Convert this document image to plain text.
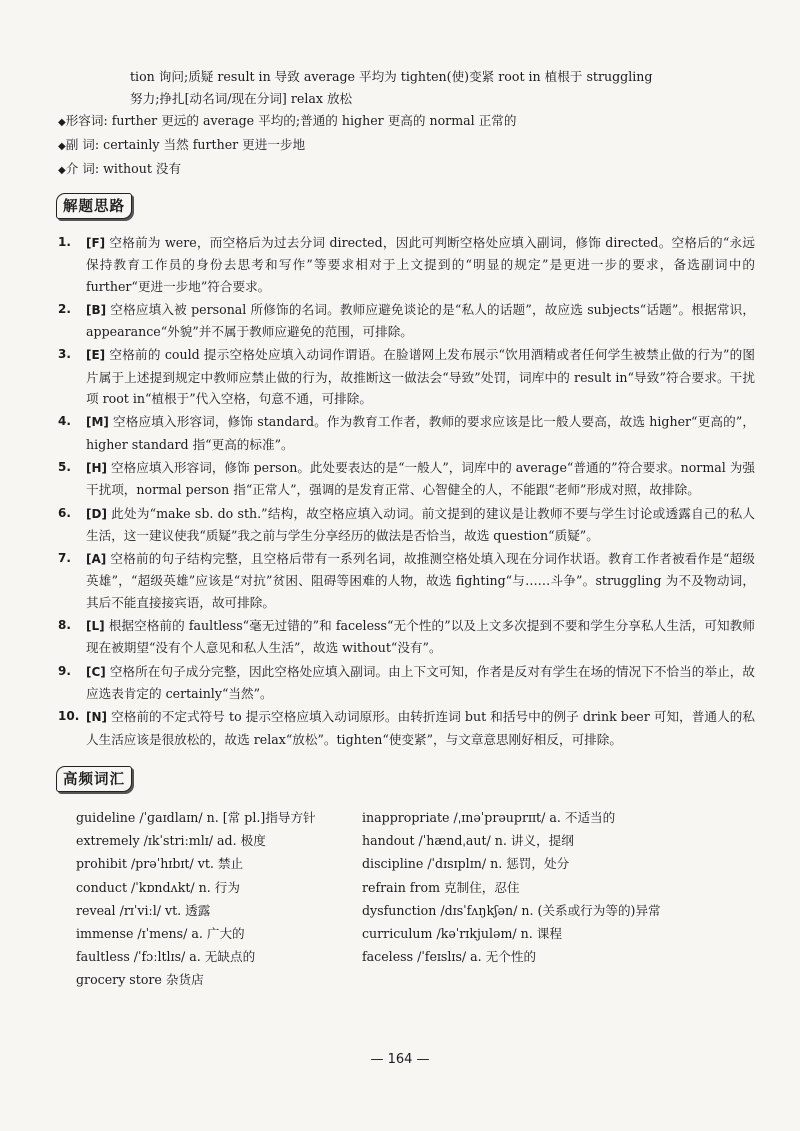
tion 询问;质疑 result in 导致 average 平均为 tighten(使)变紧 root in 植根于 struggling
努力;挣扎[动名词/现在分词] relax 放松
◆形容词: further 更远的 average 平均的;普通的 higher 更高的 normal 正常的
◆副 词: certainly 当然 further 更进一步地
◆介 词: without 没有
解题思路
1. [F] 空格前为 were，而空格后为过去分词 directed，因此可判断空格处应填入副词，修饰 directed。空格后的“永远保持教育工作员的身份去思考和写作”等要求相对于上文提到的“明显的规定”是更进一步的要求，备选副词中的 further“更进一步地”符合要求。
2. [B] 空格应填入被 personal 所修饰的名词。教师应避免谈论的是“私人的话题”，故应选 subjects“话题”。根据常识，appearance“外貌”并不属于教师应避免的范围，可排除。
3. [E] 空格前的 could 提示空格处应填入动词作谓语。在脸谱网上发布展示“饮用酒精或者任何学生被禁止做的行为”的图片属于上述提到规定中教师应禁止做的行为，故推断这一做法会“导致”处罚，词库中的 result in“导致”符合要求。干扰项 root in“植根于”代入空格，句意不通，可排除。
4. [M] 空格应填入形容词，修饰 standard。作为教育工作者，教师的要求应该是比一般人要高，故选 higher“更高的”，higher standard 指“更高的标准”。
5. [H] 空格应填入形容词，修饰 person。此处要表达的是“一般人”，词库中的 average“普通的”符合要求。normal 为强干扰项，normal person 指“正常人”，强调的是发育正常、心智健全的人，不能跟“老师”形成对照，故排除。
6. [D] 此处为“make sb. do sth.”结构，故空格应填入动词。前文提到的建议是让教师不要与学生讨论或透露自己的私人生活，这一建议使我“质疑”我之前与学生分享经历的做法是否恰当，故选 question“质疑”。
7. [A] 空格前的句子结构完整，且空格后带有一系列名词，故推测空格处填入现在分词作状语。教育工作者被看作是“超级英雄”，“超级英雄”应该是“对抗”贫困、阻碍等困难的人物，故选 fighting“与……斗争”。struggling 为不及物动词，其后不能直接接宾语，故可排除。
8. [L] 根据空格前的 faultless“毫无过错的”和 faceless“无个性的”以及上文多次提到不要和学生分享私人生活，可知教师现在被期望“没有个人意见和私人生活”，故选 without“没有”。
9. [C] 空格所在句子成分完整，因此空格处应填入副词。由上下文可知，作者是反对有学生在场的情况下不恰当的举止，故应选表肯定的 certainly“当然”。
10. [N] 空格前的不定式符号 to 提示空格应填入动词原形。由转折连词 but 和括号中的例子 drink beer 可知，普通人的私人生活应该是很放松的，故选 relax“放松”。tighten“使变紧”，与文章意思刚好相反，可排除。
高频词汇
guideline /ˈɡaɪdlaɪn/ n. [常 pl.]指导方针
extremely /ɪkˈstriːmlɪ/ ad. 极度
prohibit /prəˈhɪbɪt/ vt. 禁止
conduct /ˈkɒndʌkt/ n. 行为
reveal /rɪˈviːl/ vt. 透露
immense /ɪˈmens/ a. 广大的
faultless /ˈfɔːltlɪs/ a. 无缺点的
grocery store 杂货店
inappropriate /ˌɪnəˈprəuprɪɪt/ a. 不适当的
handout /ˈhændˌaut/ n. 讲义，提纲
discipline /ˈdɪsɪplɪn/ n. 惩罚，处分
refrain from 克制住，忍住
dysfunction /dɪsˈfʌŋkʃən/ n. (关系或行为等的)异常
curriculum /kəˈrɪkjuləm/ n. 课程
faceless /ˈfeɪslɪs/ a. 无个性的
— 164 —
